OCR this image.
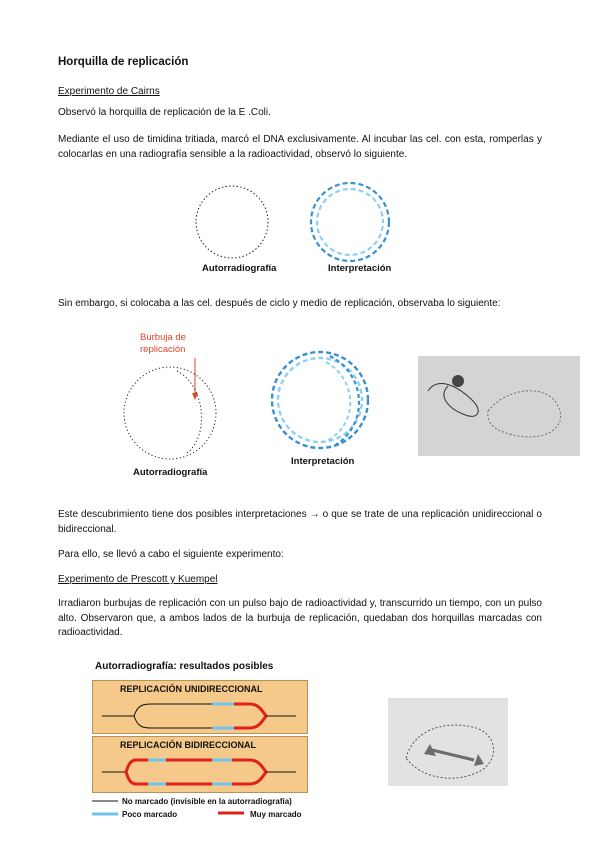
Horquilla de replicación
Experimento de Cairns
Observó la horquilla de replicación de la E .Coli.
Mediante el uso de timidina tritiada, marcó el DNA exclusivamente. Al incubar las cel. con esta, romperlas y colocarlas en una radiografía sensible a la radioactividad, observó lo siguiente.
Autorradiografía	Interpretación
Sin embargo, si colocaba a las cel. después de ciclo y medio de replicación, observaba lo siguiente:
Burbuja de
replicación
Autorradiografía
Interpretación
Este descubrimiento tiene dos posibles interpretaciones → o que se trate de una replicación unidireccional o bidireccional.
Para ello, se llevó a cabo el siguiente experimento:
Experimento de Prescott y Kuempel
Irradiaron burbujas de replicación con un pulso bajo de radioactividad y, transcurrido un tiempo, con un pulso alto. Observaron que, a ambos lados de la burbuja de replicación, quedaban dos horquillas marcadas con radioactividad.
Autorradiografía: resultados posibles
REPLICACIÓN UNIDIRECCIONAL
REPLICACIÓN BIDIRECCIONAL
No marcado (invisible en la autorradiografía)
Poco marcado	Muy marcado
